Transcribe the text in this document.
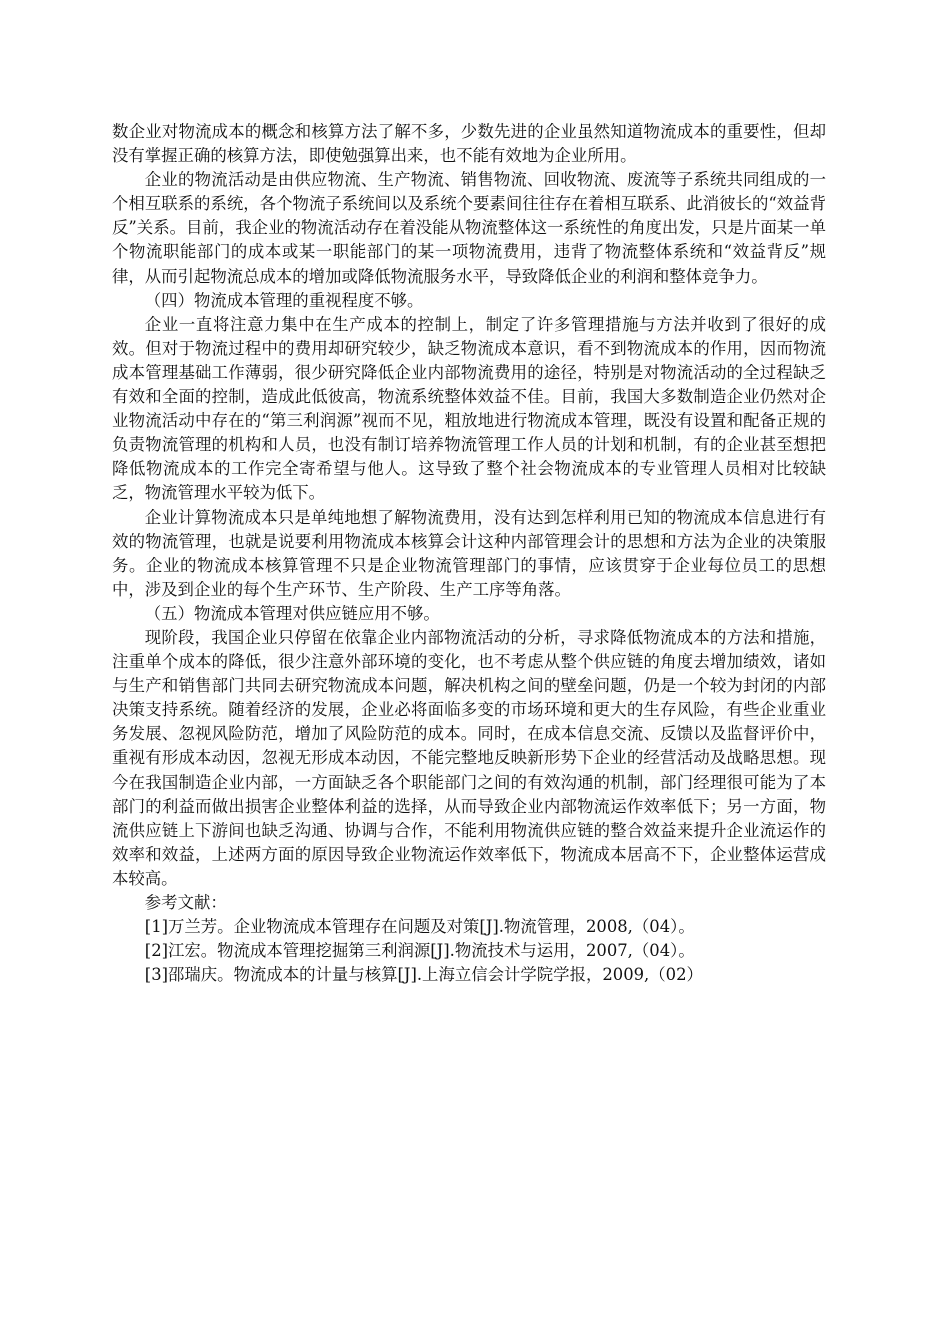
数企业对物流成本的概念和核算方法了解不多，少数先进的企业虽然知道物流成本的重要性，但却没有掌握正确的核算方法，即使勉强算出来，也不能有效地为企业所用。

企业的物流活动是由供应物流、生产物流、销售物流、回收物流、废流等子系统共同组成的一个相互联系的系统，各个物流子系统间以及系统个要素间往往存在着相互联系、此消彼长的“效益背反”关系。目前，我企业的物流活动存在着没能从物流整体这一系统性的角度出发，只是片面某一单个物流职能部门的成本或某一职能部门的某一项物流费用，违背了物流整体系统和“效益背反”规律，从而引起物流总成本的增加或降低物流服务水平，导致降低企业的利润和整体竞争力。

（四）物流成本管理的重视程度不够。

企业一直将注意力集中在生产成本的控制上，制定了许多管理措施与方法并收到了很好的成效。但对于物流过程中的费用却研究较少，缺乏物流成本意识，看不到物流成本的作用，因而物流成本管理基础工作薄弱，很少研究降低企业内部物流费用的途径，特别是对物流活动的全过程缺乏有效和全面的控制，造成此低彼高，物流系统整体效益不佳。目前，我国大多数制造企业仍然对企业物流活动中存在的“第三利润源”视而不见，粗放地进行物流成本管理，既没有设置和配备正规的负责物流管理的机构和人员，也没有制订培养物流管理工作人员的计划和机制，有的企业甚至想把降低物流成本的工作完全寄希望与他人。这导致了整个社会物流成本的专业管理人员相对比较缺乏，物流管理水平较为低下。

企业计算物流成本只是单纯地想了解物流费用，没有达到怎样利用已知的物流成本信息进行有效的物流管理，也就是说要利用物流成本核算会计这种内部管理会计的思想和方法为企业的决策服务。企业的物流成本核算管理不只是企业物流管理部门的事情，应该贯穿于企业每位员工的思想中，涉及到企业的每个生产环节、生产阶段、生产工序等角落。

（五）物流成本管理对供应链应用不够。

现阶段，我国企业只停留在依靠企业内部物流活动的分析，寻求降低物流成本的方法和措施，注重单个成本的降低，很少注意外部环境的变化，也不考虑从整个供应链的角度去增加绩效，诸如与生产和销售部门共同去研究物流成本问题，解决机构之间的壁垒问题，仍是一个较为封闭的内部决策支持系统。随着经济的发展，企业必将面临多变的市场环境和更大的生存风险，有些企业重业务发展、忽视风险防范，增加了风险防范的成本。同时，在成本信息交流、反馈以及监督评价中，重视有形成本动因，忽视无形成本动因，不能完整地反映新形势下企业的经营活动及战略思想。现今在我国制造企业内部，一方面缺乏各个职能部门之间的有效沟通的机制，部门经理很可能为了本部门的利益而做出损害企业整体利益的选择，从而导致企业内部物流运作效率低下；另一方面，物流供应链上下游间也缺乏沟通、协调与合作，不能利用物流供应链的整合效益来提升企业流运作的效率和效益，上述两方面的原因导致企业物流运作效率低下，物流成本居高不下，企业整体运营成本较高。

参考文献：

[1]万兰芳。企业物流成本管理存在问题及对策[J].物流管理，2008,（04）。
[2]江宏。物流成本管理挖掘第三利润源[J].物流技术与运用，2007,（04）。
[3]邵瑞庆。物流成本的计量与核算[J].上海立信会计学院学报，2009,（02）
